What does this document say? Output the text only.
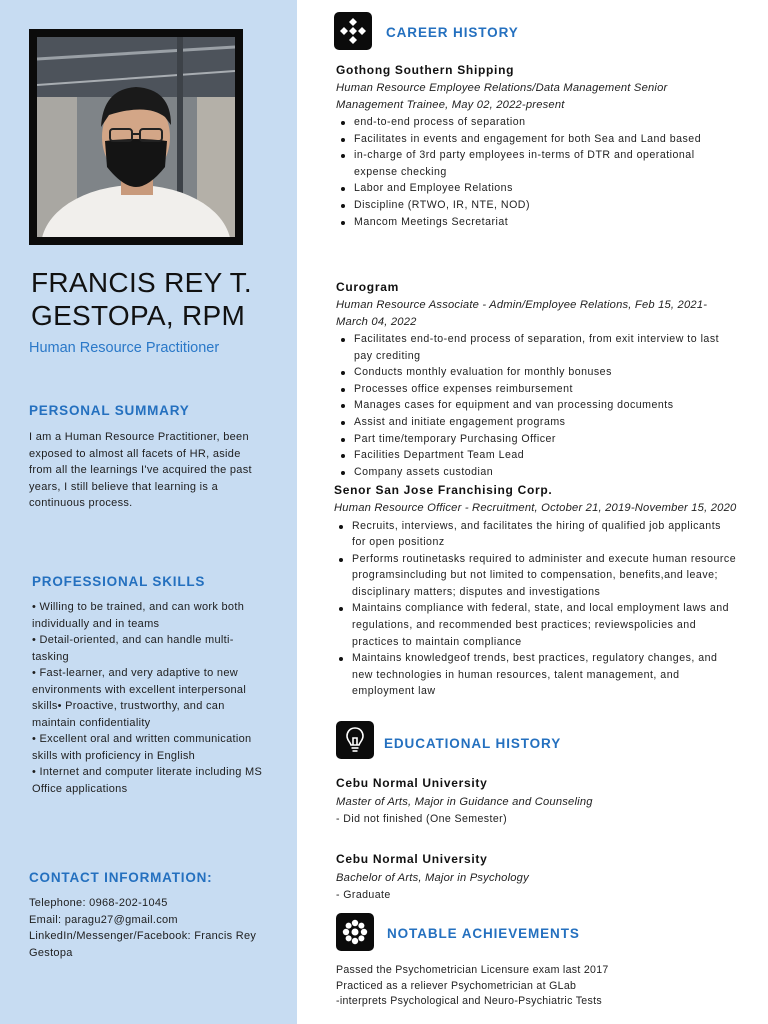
FRANCIS REY T.
GESTOPA, RPM
Human Resource Practitioner
PERSONAL SUMMARY
I am a Human Resource Practitioner, been exposed to almost all facets of HR, aside from all the learnings I've acquired the past years, I still believe that learning is a continuous process.
PROFESSIONAL SKILLS
• Willing to be trained, and can work both individually and in teams
• Detail-oriented, and can handle multi-tasking
• Fast-learner, and very adaptive to new environments with excellent interpersonal skills• Proactive, trustworthy, and can maintain confidentiality
• Excellent oral and written communication skills with proficiency in English
• Internet and computer literate including MS Office applications
CONTACT INFORMATION:
Telephone: 0968-202-1045
Email: paragu27@gmail.com
LinkedIn/Messenger/Facebook: Francis Rey Gestopa
CAREER HISTORY
Gothong Southern Shipping
Human Resource Employee Relations/Data Management Senior Management Trainee, May 02, 2022-present
end-to-end process of separation
Facilitates in events and engagement for both Sea and Land based
in-charge of 3rd party employees in-terms of DTR and operational expense checking
Labor and Employee Relations
Discipline (RTWO, IR, NTE, NOD)
Mancom Meetings Secretariat
Curogram
Human Resource Associate - Admin/Employee Relations, Feb 15, 2021- March 04, 2022
Facilitates end-to-end process of separation, from exit interview to last pay crediting
Conducts monthly evaluation for monthly bonuses
Processes office expenses reimbursement
Manages cases for equipment and van processing documents
Assist and initiate engagement programs
Part time/temporary Purchasing Officer
Facilities Department Team Lead
Company assets custodian
Senor San Jose Franchising Corp.
Human Resource Officer - Recruitment, October 21, 2019-November 15, 2020
Recruits, interviews, and facilitates the hiring of qualified job applicants for open positionz
Performs routinetasks required to administer and execute human resource programsincluding but not limited to compensation, benefits,and leave; disciplinary matters; disputes and investigations
Maintains compliance with federal, state, and local employment laws and regulations, and recommended best practices; reviewspolicies and practices to maintain compliance
Maintains knowledgeof trends, best practices, regulatory changes, and new technologies in human resources, talent management, and employment law
EDUCATIONAL HISTORY
Cebu Normal University
Master of Arts, Major in Guidance and Counseling
- Did not finished (One Semester)
Cebu Normal University
Bachelor of Arts, Major in Psychology
- Graduate
NOTABLE ACHIEVEMENTS
Passed the Psychometrician Licensure exam last 2017
Practiced as a reliever Psychometrician at GLab
-interprets Psychological and Neuro-Psychiatric Tests
